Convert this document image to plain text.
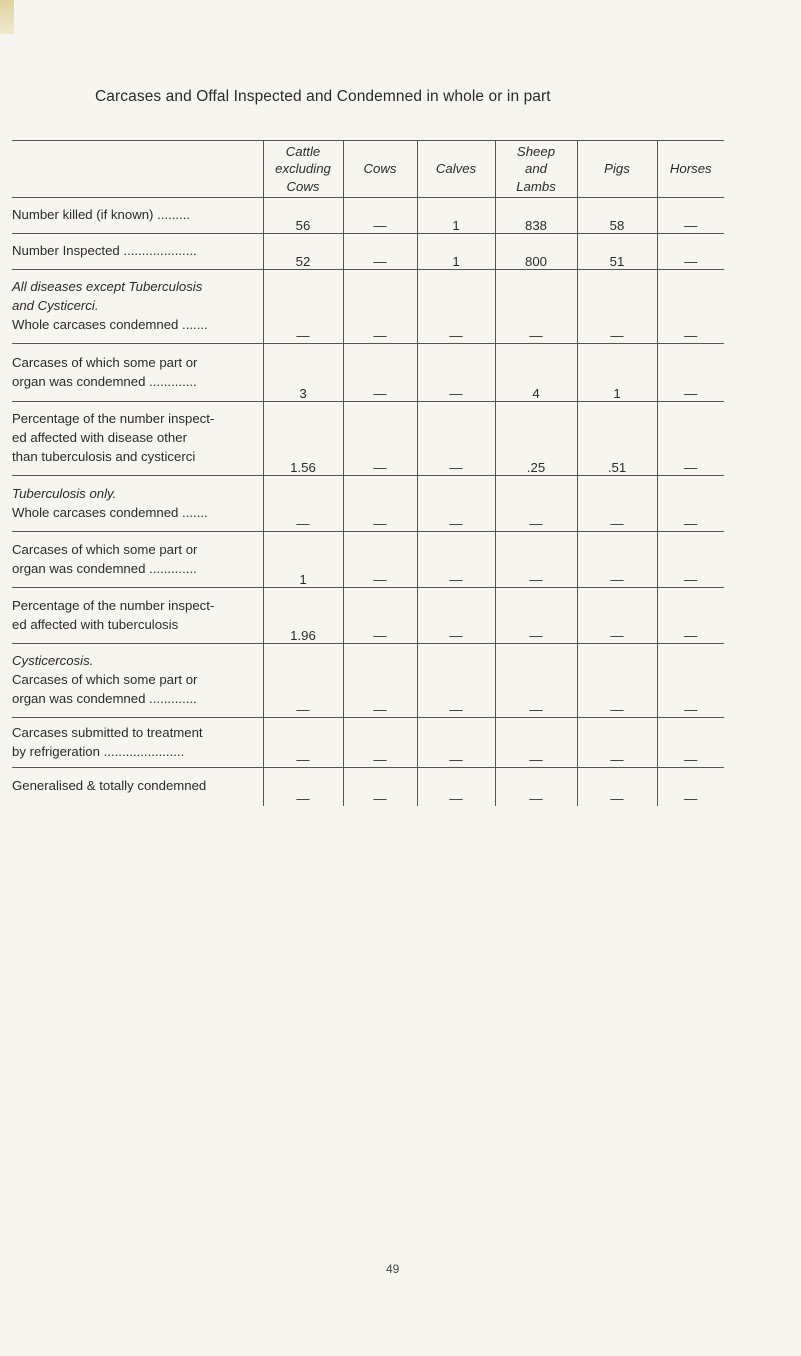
Carcases and Offal Inspected and Condemned in whole or in part

	Cattle
excluding
Cows	Cows	Calves	Sheep
and
Lambs	Pigs	Horses

Number killed (if known) .........	56	—	1	838	58	—

Number Inspected ....................	52	—	1	800	51	—

All diseases except Tuberculosis
and Cysticerci.
Whole carcases condemned .......	—	—	—	—	—	—

Carcases of which some part or
organ was condemned .............	3	—	—	4	1	—

Percentage of the number inspect-
ed affected with disease other
than tuberculosis and cysticerci	1.56	—	—	.25	.51	—

Tuberculosis only.
Whole carcases condemned .......	—	—	—	—	—	—

Carcases of which some part or
organ was condemned .............	1	—	—	—	—	—

Percentage of the number inspect-
ed affected with tuberculosis	1.96	—	—	—	—	—

Cysticercosis.
Carcases of which some part or
organ was condemned .............	—	—	—	—	—	—

Carcases submitted to treatment
by refrigeration ......................	—	—	—	—	—	—

Generalised & totally condemned	—	—	—	—	—	—
49
